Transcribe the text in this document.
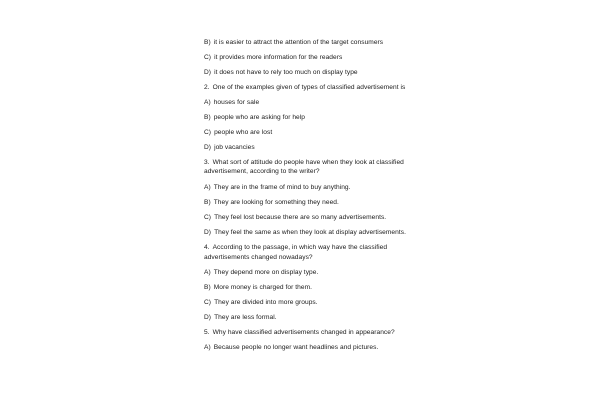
B) it is easier to attract the attention of the target consumers
C) it provides more information for the readers
D) it does not have to rely too much on display type
2. One of the examples given of types of classified advertisement is
A) houses for sale
B) people who are asking for help
C) people who are lost
D) job vacancies
3. What sort of attitude do people have when they look at classified
advertisement, according to the writer?
A) They are in the frame of mind to buy anything.
B) They are looking for something they need.
C) They feel lost because there are so many advertisements.
D) They feel the same as when they look at display advertisements.
4. According to the passage, in which way have the classified
advertisements changed nowadays?
A) They depend more on display type.
B) More money is charged for them.
C) They are divided into more groups.
D) They are less formal.
5. Why have classified advertisements changed in appearance?
A) Because people no longer want headlines and pictures.
